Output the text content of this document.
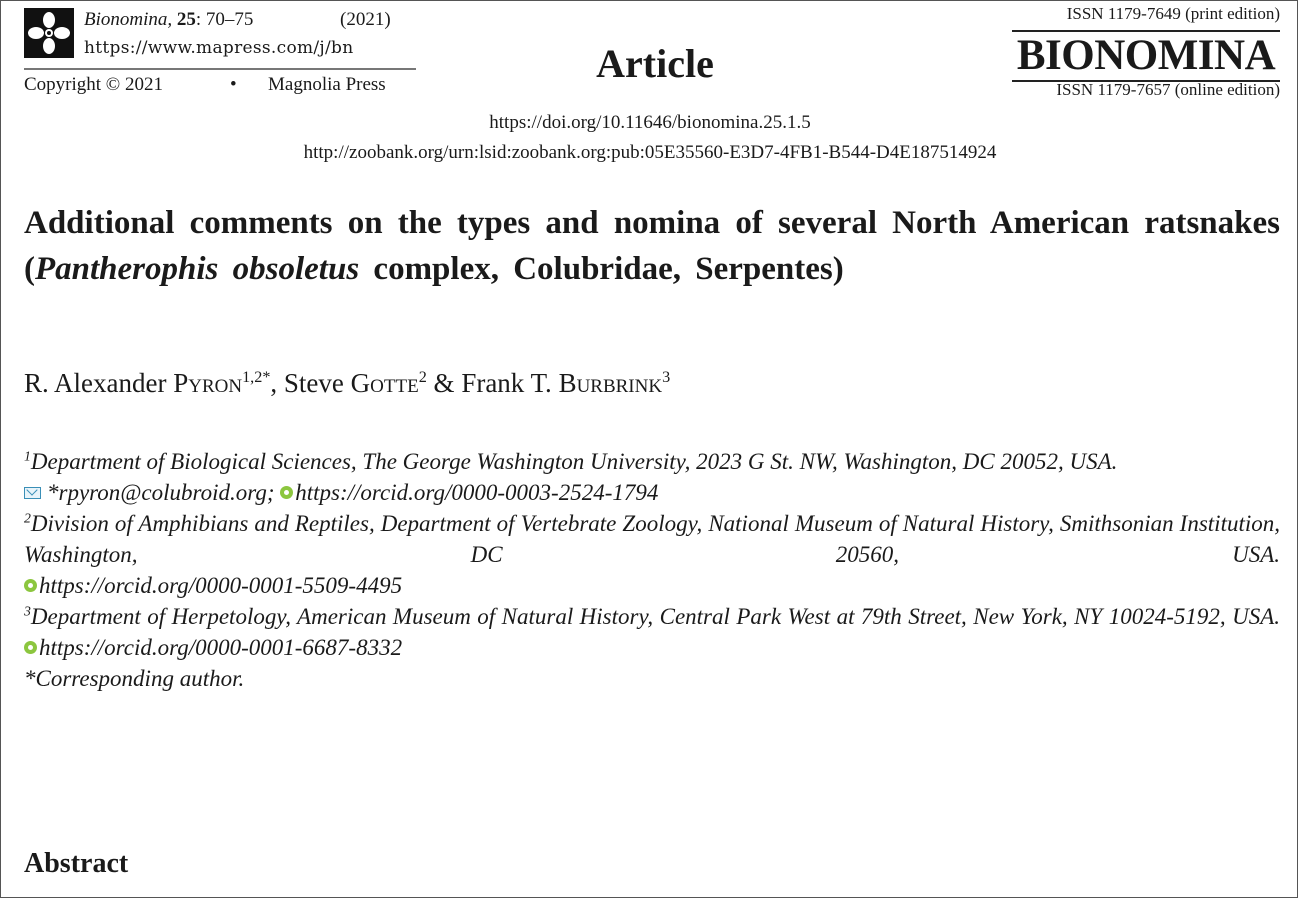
Bionomina, 25: 70–75	(2021)
https://www.mapress.com/j/bn
Copyright © 2021	• Magnolia Press	Article
ISSN 1179-7649 (print edition)
BIONOMINA
ISSN 1179-7657 (online edition)
https://doi.org/10.11646/bionomina.25.1.5
http://zoobank.org/urn:lsid:zoobank.org:pub:05E35560-E3D7-4FB1-B544-D4E187514924
Additional comments on the types and nomina of several North American ratsnakes (Pantherophis obsoletus complex, Colubridae, Serpentes)
R. Alexander Pyron$^{1,2*}$, Steve Gotte$^2$ & Frank T. Burbrink$^3$
$^1$Department of Biological Sciences, The George Washington University, 2023 G St. NW, Washington, DC 20052, USA.
*rpyron@colubroid.org; https://orcid.org/0000-0003-2524-1794
$^2$Division of Amphibians and Reptiles, Department of Vertebrate Zoology, National Museum of Natural History, Smithsonian Institution, Washington, DC 20560, USA.
https://orcid.org/0000-0001-5509-4495
$^3$Department of Herpetology, American Museum of Natural History, Central Park West at 79th Street, New York, NY 10024-5192, USA.
https://orcid.org/0000-0001-6687-8332
*Corresponding author.
Abstract
